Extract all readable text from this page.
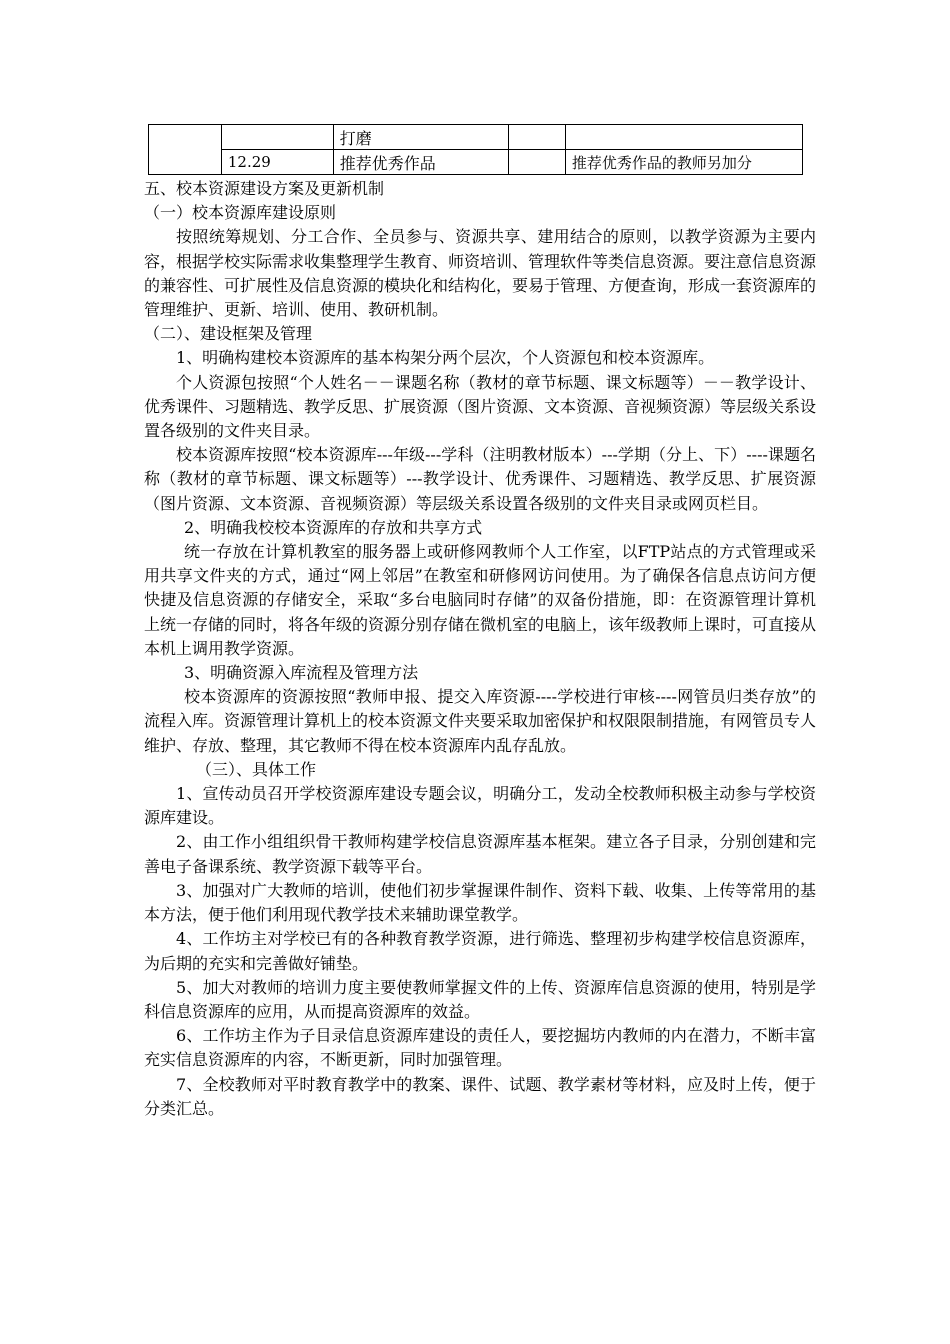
		打磨		
	12.29	推荐优秀作品		推荐优秀作品的教师另加分

五、校本资源建设方案及更新机制

（一）校本资源库建设原则

按照统筹规划、分工合作、全员参与、资源共享、建用结合的原则，以教学资源为主要内容，根据学校实际需求收集整理学生教育、师资培训、管理软件等类信息资源。要注意信息资源的兼容性、可扩展性及信息资源的模块化和结构化，要易于管理、方便查询，形成一套资源库的管理维护、更新、培训、使用、教研机制。

（二）、建设框架及管理

1、明确构建校本资源库的基本构架分两个层次，个人资源包和校本资源库。

个人资源包按照“个人姓名－－课题名称（教材的章节标题、课文标题等）－－教学设计、优秀课件、习题精选、教学反思、扩展资源（图片资源、文本资源、音视频资源）等层级关系设置各级别的文件夹目录。

校本资源库按照“校本资源库---年级---学科（注明教材版本）---学期（分上、下）----课题名称（教材的章节标题、课文标题等）---教学设计、优秀课件、习题精选、教学反思、扩展资源（图片资源、文本资源、音视频资源）等层级关系设置各级别的文件夹目录或网页栏目。

2、明确我校校本资源库的存放和共享方式

统一存放在计算机教室的服务器上或研修网教师个人工作室，以FTP站点的方式管理或采用共享文件夹的方式，通过“网上邻居”在教室和研修网访问使用。为了确保各信息点访问方便快捷及信息资源的存储安全，采取“多台电脑同时存储”的双备份措施，即：在资源管理计算机上统一存储的同时，将各年级的资源分别存储在微机室的电脑上，该年级教师上课时，可直接从本机上调用教学资源。

3、明确资源入库流程及管理方法

校本资源库的资源按照“教师申报、提交入库资源----学校进行审核----网管员归类存放”的流程入库。资源管理计算机上的校本资源文件夹要采取加密保护和权限限制措施，有网管员专人维护、存放、整理，其它教师不得在校本资源库内乱存乱放。

（三）、具体工作

1、宣传动员召开学校资源库建设专题会议，明确分工，发动全校教师积极主动参与学校资源库建设。

2、由工作小组组织骨干教师构建学校信息资源库基本框架。建立各子目录，分别创建和完善电子备课系统、教学资源下载等平台。

3、加强对广大教师的培训，使他们初步掌握课件制作、资料下载、收集、上传等常用的基本方法，便于他们利用现代教学技术来辅助课堂教学。

4、工作坊主对学校已有的各种教育教学资源，进行筛选、整理初步构建学校信息资源库，为后期的充实和完善做好铺垫。

5、加大对教师的培训力度主要使教师掌握文件的上传、资源库信息资源的使用，特别是学科信息资源库的应用，从而提高资源库的效益。

6、工作坊主作为子目录信息资源库建设的责任人，要挖掘坊内教师的内在潜力，不断丰富充实信息资源库的内容，不断更新，同时加强管理。

7、全校教师对平时教育教学中的教案、课件、试题、教学素材等材料，应及时上传，便于分类汇总。
